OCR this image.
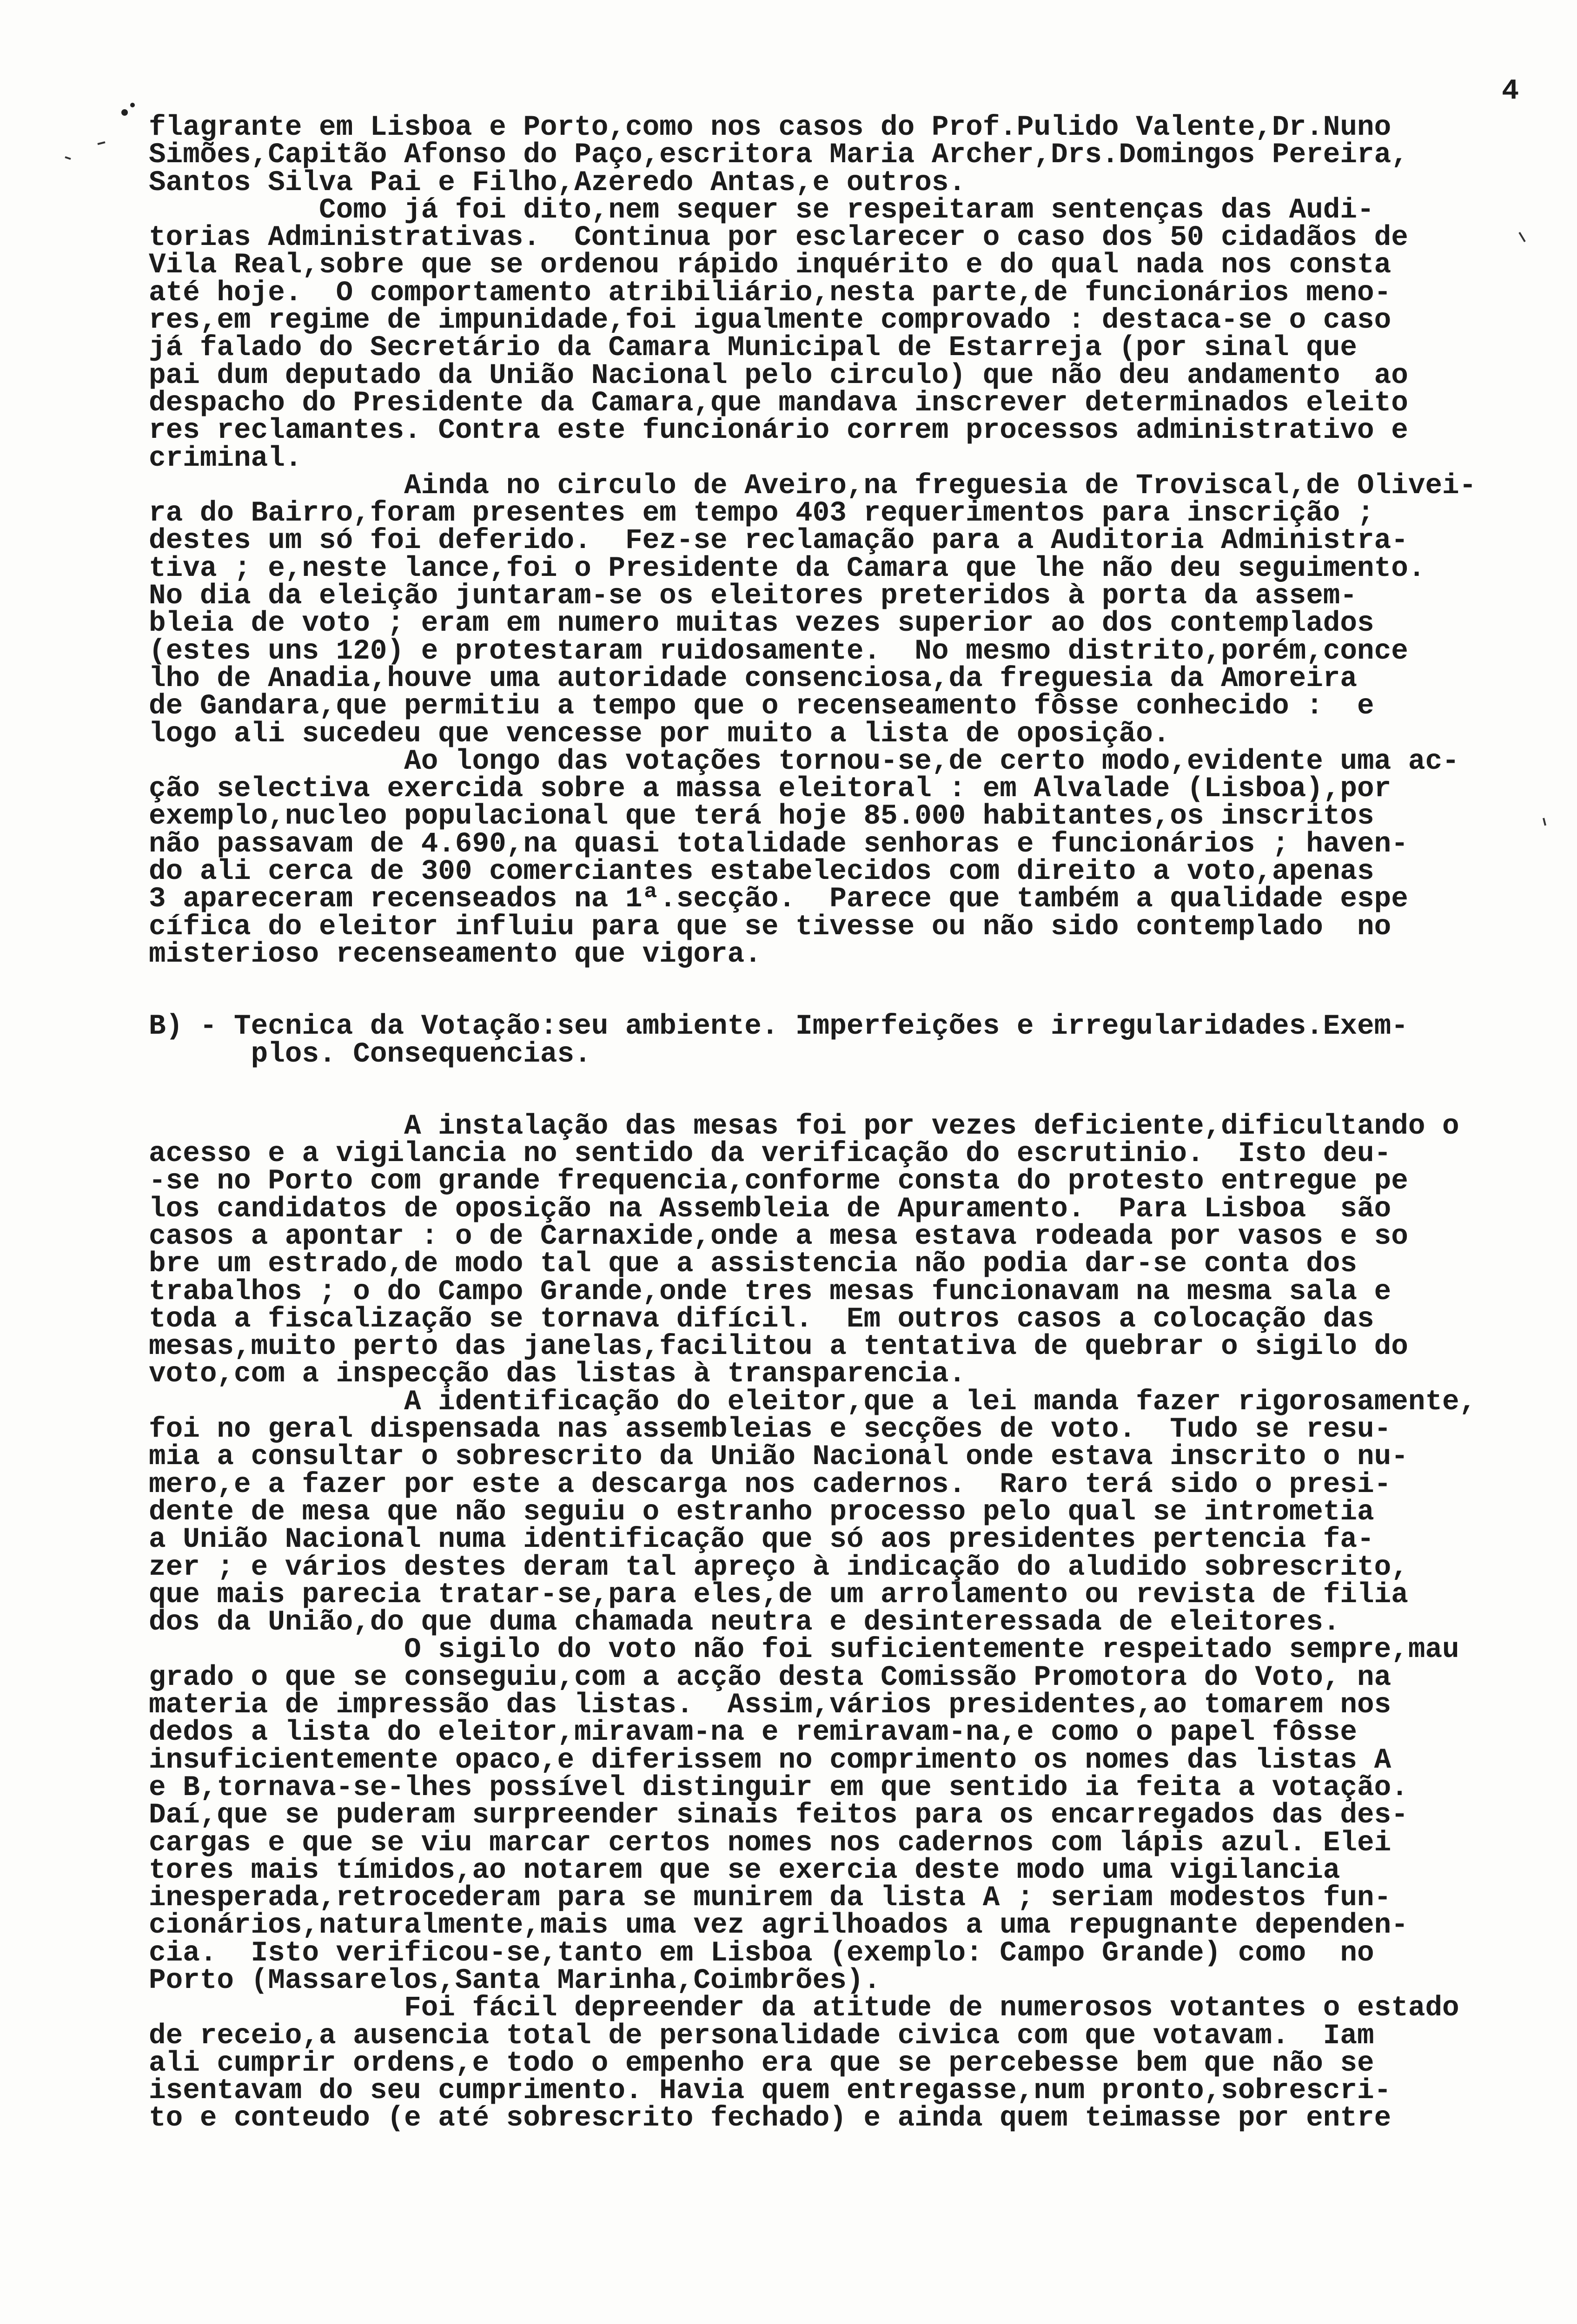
4
flagrante em Lisboa e Porto,como nos casos do Prof.Pulido Valente,Dr.Nuno
Simões,Capitão Afonso do Paço,escritora Maria Archer,Drs.Domingos Pereira,
Santos Silva Pai e Filho,Azeredo Antas,e outros.
Como já foi dito,nem sequer se respeitaram sentenças das Audi-
torias Administrativas.  Continua por esclarecer o caso dos 50 cidadãos de
Vila Real,sobre que se ordenou rápido inquérito e do qual nada nos consta
até hoje.  O comportamento atribiliário,nesta parte,de funcionários meno-
res,em regime de impunidade,foi igualmente comprovado : destaca-se o caso
já falado do Secretário da Camara Municipal de Estarreja (por sinal que
pai dum deputado da União Nacional pelo circulo) que não deu andamento  ao
despacho do Presidente da Camara,que mandava inscrever determinados eleito
res reclamantes. Contra este funcionário correm processos administrativo e
criminal.
Ainda no circulo de Aveiro,na freguesia de Troviscal,de Olivei-
ra do Bairro,foram presentes em tempo 403 requerimentos para inscrição ;
destes um só foi deferido.  Fez-se reclamação para a Auditoria Administra-
tiva ; e,neste lance,foi o Presidente da Camara que lhe não deu seguimento.
No dia da eleição juntaram-se os eleitores preteridos à porta da assem-
bleia de voto ; eram em numero muitas vezes superior ao dos contemplados
(estes uns 120) e protestaram ruidosamente.  No mesmo distrito,porém,conce
lho de Anadia,houve uma autoridade consenciosa,da freguesia da Amoreira
de Gandara,que permitiu a tempo que o recenseamento fôsse conhecido :  e
logo ali sucedeu que vencesse por muito a lista de oposição.
Ao longo das votações tornou-se,de certo modo,evidente uma ac-
ção selectiva exercida sobre a massa eleitoral : em Alvalade (Lisboa),por
exemplo,nucleo populacional que terá hoje 85.000 habitantes,os inscritos
não passavam de 4.690,na quasi totalidade senhoras e funcionários ; haven-
do ali cerca de 300 comerciantes estabelecidos com direito a voto,apenas
3 apareceram recenseados na 1ª.secção.  Parece que também a qualidade espe
cífica do eleitor influiu para que se tivesse ou não sido contemplado  no
misterioso recenseamento que vigora.
B) - Tecnica da Votação:seu ambiente. Imperfeições e irregularidades.Exem-
plos. Consequencias.
A instalação das mesas foi por vezes deficiente,dificultando o
acesso e a vigilancia no sentido da verificação do escrutinio.  Isto deu-
-se no Porto com grande frequencia,conforme consta do protesto entregue pe
los candidatos de oposição na Assembleia de Apuramento.  Para Lisboa  são
casos a apontar : o de Carnaxide,onde a mesa estava rodeada por vasos e so
bre um estrado,de modo tal que a assistencia não podia dar-se conta dos
trabalhos ; o do Campo Grande,onde tres mesas funcionavam na mesma sala e
toda a fiscalização se tornava difícil.  Em outros casos a colocação das
mesas,muito perto das janelas,facilitou a tentativa de quebrar o sigilo do
voto,com a inspecção das listas à transparencia.
A identificação do eleitor,que a lei manda fazer rigorosamente,
foi no geral dispensada nas assembleias e secções de voto.  Tudo se resu-
mia a consultar o sobrescrito da União Nacional onde estava inscrito o nu-
mero,e a fazer por este a descarga nos cadernos.  Raro terá sido o presi-
dente de mesa que não seguiu o estranho processo pelo qual se intrometia
a União Nacional numa identificação que só aos presidentes pertencia fa-
zer ; e vários destes deram tal apreço à indicação do aludido sobrescrito,
que mais parecia tratar-se,para eles,de um arrolamento ou revista de filia
dos da União,do que duma chamada neutra e desinteressada de eleitores.
O sigilo do voto não foi suficientemente respeitado sempre,mau
grado o que se conseguiu,com a acção desta Comissão Promotora do Voto, na
materia de impressão das listas.  Assim,vários presidentes,ao tomarem nos
dedos a lista do eleitor,miravam-na e remiravam-na,e como o papel fôsse
insuficientemente opaco,e diferissem no comprimento os nomes das listas A
e B,tornava-se-lhes possível distinguir em que sentido ia feita a votação.
Daí,que se puderam surpreender sinais feitos para os encarregados das des-
cargas e que se viu marcar certos nomes nos cadernos com lápis azul. Elei
tores mais tímidos,ao notarem que se exercia deste modo uma vigilancia
inesperada,retrocederam para se munirem da lista A ; seriam modestos fun-
cionários,naturalmente,mais uma vez agrilhoados a uma repugnante dependen-
cia.  Isto verificou-se,tanto em Lisboa (exemplo: Campo Grande) como  no
Porto (Massarelos,Santa Marinha,Coimbrões).
Foi fácil depreender da atitude de numerosos votantes o estado
de receio,a ausencia total de personalidade civica com que votavam.  Iam
ali cumprir ordens,e todo o empenho era que se percebesse bem que não se
isentavam do seu cumprimento. Havia quem entregasse,num pronto,sobrescri-
to e conteudo (e até sobrescrito fechado) e ainda quem teimasse por entre
